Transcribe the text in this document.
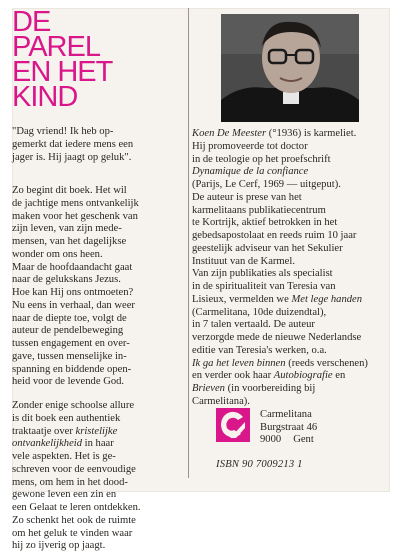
DE
PAREL
EN HET
KIND
"Dag vriend! Ik heb op-
gemerkt dat iedere mens een
jager is. Hij jaagt op geluk".

Zo begint dit boek. Het wil
de jachtige mens ontvankelijk
maken voor het geschenk van
zijn leven, van zijn mede-
mensen, van het dagelijkse
wonder om ons heen.
Maar de hoofdaandacht gaat
naar de gelukskans Jezus.
Hoe kan Hij ons ontmoeten?
Nu eens in verhaal, dan weer
naar de diepte toe, volgt de
auteur de pendelbeweging
tussen engagement en over-
gave, tussen menselijke in-
spanning en biddende open-
heid voor de levende God.

Zonder enige schoolse allure
is dit boek een authentiek
traktaatje over kristelijke
ontvankelijkheid in haar
vele aspekten. Het is ge-
schreven voor de eenvoudige
mens, om hem in het dood-
gewone leven een zin en
een Gelaat te leren ontdekken.
Zo schenkt het ook de ruimte
om het geluk te vinden waar
hij zo ijverig op jaagt.

Koen De Meester (°1936) is karmeliet.
Hij promoveerde tot doctor
in de teologie op het proefschrift
Dynamique de la confiance
(Parijs, Le Cerf, 1969 — uitgeput).
De auteur is prese van het
karmelitaans publikatiecentrum
te Kortrijk, aktief betrokken in het
gebedsapostolaat en reeds ruim 10 jaar
geestelijk adviseur van het Sekulier
Instituut van de Karmel.
Van zijn publikaties als specialist
in de spiritualiteit van Teresia van
Lisieux, vermelden we Met lege handen
(Carmelitana, 10de duizendtal),
in 7 talen vertaald. De auteur
verzorgde mede de nieuwe Nederlandse
editie van Teresia's werken, o.a.
Ik ga het leven binnen (reeds verschenen)
en verder ook haar Autobiografie en
Brieven (in voorbereiding bij
Carmelitana).
Carmelitana
Burgstraat 46
9000 Gent
ISBN 90 7009213 1
